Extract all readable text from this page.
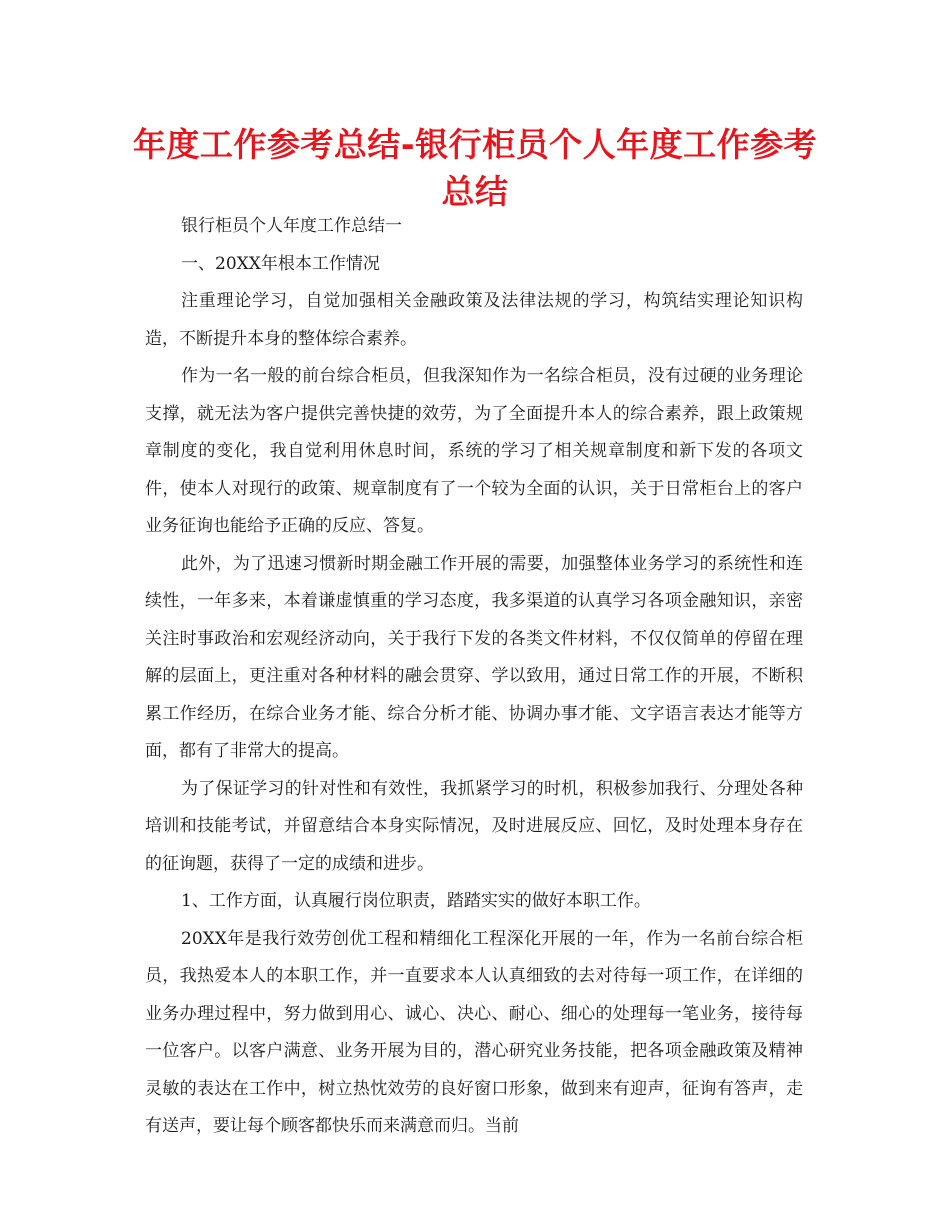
年度工作参考总结-银行柜员个人年度工作参考总结

银行柜员个人年度工作总结一

一、20XX年根本工作情况

注重理论学习，自觉加强相关金融政策及法律法规的学习，构筑结实理论知识构造，不断提升本身的整体综合素养。

作为一名一般的前台综合柜员，但我深知作为一名综合柜员，没有过硬的业务理论支撑，就无法为客户提供完善快捷的效劳，为了全面提升本人的综合素养，跟上政策规章制度的变化，我自觉利用休息时间，系统的学习了相关规章制度和新下发的各项文件，使本人对现行的政策、规章制度有了一个较为全面的认识，关于日常柜台上的客户业务征询也能给予正确的反应、答复。

此外，为了迅速习惯新时期金融工作开展的需要，加强整体业务学习的系统性和连续性，一年多来，本着谦虚慎重的学习态度，我多渠道的认真学习各项金融知识，亲密关注时事政治和宏观经济动向，关于我行下发的各类文件材料，不仅仅简单的停留在理解的层面上，更注重对各种材料的融会贯穿、学以致用，通过日常工作的开展，不断积累工作经历，在综合业务才能、综合分析才能、协调办事才能、文字语言表达才能等方面，都有了非常大的提高。

为了保证学习的针对性和有效性，我抓紧学习的时机，积极参加我行、分理处各种培训和技能考试，并留意结合本身实际情况，及时进展反应、回忆，及时处理本身存在的征询题，获得了一定的成绩和进步。

1、工作方面，认真履行岗位职责，踏踏实实的做好本职工作。

20XX年是我行效劳创优工程和精细化工程深化开展的一年，作为一名前台综合柜员，我热爱本人的本职工作，并一直要求本人认真细致的去对待每一项工作，在详细的业务办理过程中，努力做到用心、诚心、决心、耐心、细心的处理每一笔业务，接待每一位客户。以客户满意、业务开展为目的，潜心研究业务技能，把各项金融政策及精神灵敏的表达在工作中，树立热忱效劳的良好窗口形象，做到来有迎声，征询有答声，走有送声，要让每个顾客都快乐而来满意而归。当前
